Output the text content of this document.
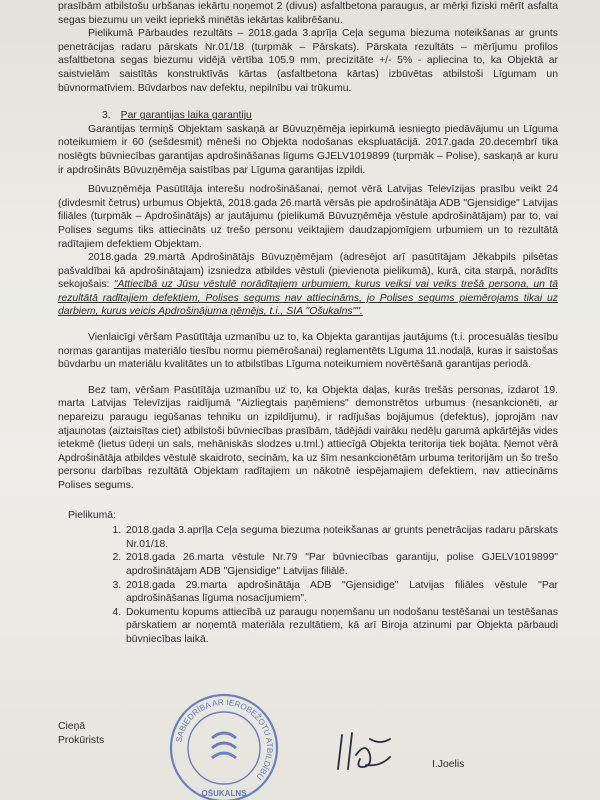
prasībām atbilstošu urbšanas iekārtu noņemot 2 (divus) asfaltbetona paraugus, ar mērķi fiziski mērīt asfalta segas biezumu un veikt iepriekš minētās iekārtas kalibrēšanu.

Pielikumā Pārbaudes rezultāts – 2018.gada 3.aprīļa Ceļa seguma biezuma noteikšanas ar grunts penetrācijas radaru pārskats Nr.01/18 (turpmāk – Pārskats). Pārskata rezultāts – mērījumu profilos asfaltbetona segas biezumu vidējā vērtība 105.9 mm, precizitāte +/- 5% - apliecina to, ka Objektā ar saistvielām saistītās konstruktīvās kārtas (asfaltbetona kārtas) izbūvētas atbilstoši Līgumam un būvnormatīviem. Būvdarbos nav defektu, nepilnību vai trūkumu.

3. Par garantijas laika garantiju

Garantijas termiņš Objektam saskaņā ar Būvuzņēmēja iepirkumā iesniegto piedāvājumu un Līguma noteikumiem ir 60 (sešdesmit) mēneši no Objekta nodošanas ekspluatācijā. 2017.gada 20.decembrī tika noslēgts būvniecības garantijas apdrošināšanas līgums GJELV1019899 (turpmāk – Polise), saskaņā ar kuru ir apdrošināts Būvuzņēmēja saistības par Līguma garantijas izpildi.

Būvuzņēmēja Pasūtītāja interešu nodrošināšanai, ņemot vērā Latvijas Televīzijas prasību veikt 24 (divdesmit četrus) urbumus Objektā, 2018.gada 26.martā vērsās pie apdrošinātāja ADB "Gjensidige" Latvijas filiāles (turpmāk – Apdrošinātājs) ar jautājumu (pielikumā Būvuzņēmēja vēstule apdrošinātājam) par to, vai Polises segums tiks attiecināts uz trešo personu veiktajiem daudzapjomīgiem urbumiem un to rezultātā radītajiem defektiem Objektam.

2018.gada 29.martā Apdrošinātājs Būvuzņēmējam (adresējot arī pasūtītājam Jēkabpils pilsētas pašvaldībai kā apdrošinātajam) izsniedza atbildes vēstuli (pievienota pielikumā), kurā, cita starpā, norādīts sekojošais: "Attiecībā uz Jūsu vēstulē norādītajiem urbumiem, kurus veiksi vai veiks trešā persona, un tā rezultātā radītajiem defektiem, Polises segums nav attiecināms, jo Polises segums piemērojams tikai uz darbiem, kurus veicis Apdrošinājuma ņēmējs, t.i., SIA "Ošukalns"".

Vienlaicīgi vēršam Pasūtītāja uzmanību uz to, ka Objekta garantijas jautājums (t.i. procesuālās tiesību normas garantijas materiālo tiesību normu piemērošanai) reglamentēts Līguma 11.nodaļā, kuras ir saistošas būvdarbu un materiālu kvalitātes un to atbilstības Līguma noteikumiem novērtēšanā garantijas periodā.

Bez tam, vēršam Pasūtītāja uzmanību uz to, ka Objekta daļas, kurās trešās personas, izdarot 19. marta Latvijas Televīzijas raidījumā "Aizliegtais paņēmiens" demonstrētos urbumus (nesankcionēti, ar nepareizu paraugu iegūšanas tehniku un izpildījumu), ir radījušas bojājumus (defektus), joprojām nav atjaunotas (aiztaisītas ciet) atbilstoši būvniecības prasībām, tādējādi vairāku nedēļu garumā apkārtējās vides ietekmē (lietus ūdeņi un sals, mehāniskās slodzes u.tml.) attiecīgā Objekta teritorija tiek bojāta. Ņemot vērā Apdrošinātāja atbildes vēstulē skaidroto, secinām, ka uz šīm nesankcionētām urbuma teritorijām un šo trešo personu darbības rezultātā Objektam radītajiem un nākotnē iespējamajiem defektiem, nav attiecināms Polises segums.

Pielikumā:

1. 2018.gada 3.aprīļa Ceļa seguma biezuma noteikšanas ar grunts penetrācijas radaru pārskats Nr.01/18.
2. 2018.gada 26.marta vēstule Nr.79 "Par būvniecības garantiju, polise GJELV1019899" apdrošinātājam ADB "Gjensidige" Latvijas filiālē.
3. 2018.gada 29.marta apdrošinātāja ADB "Gjensidige" Latvijas filiāles vēstule "Par apdrošināšanas līguma nosacījumiem".
4. Dokumentu kopums attiecībā uz paraugu noņemšanu un nodošanu testēšanai un testēšanas pārskatiem ar noņemtā materiāla rezultātiem, kā arī Biroja atzinumi par Objekta pārbaudi būvniecības laikā.
Cieņā
Prokūrists	SABIEDRĪBA AR IEROBEŽOTU ATBILDĪBU
OŠUKALNS
I.Joelis
